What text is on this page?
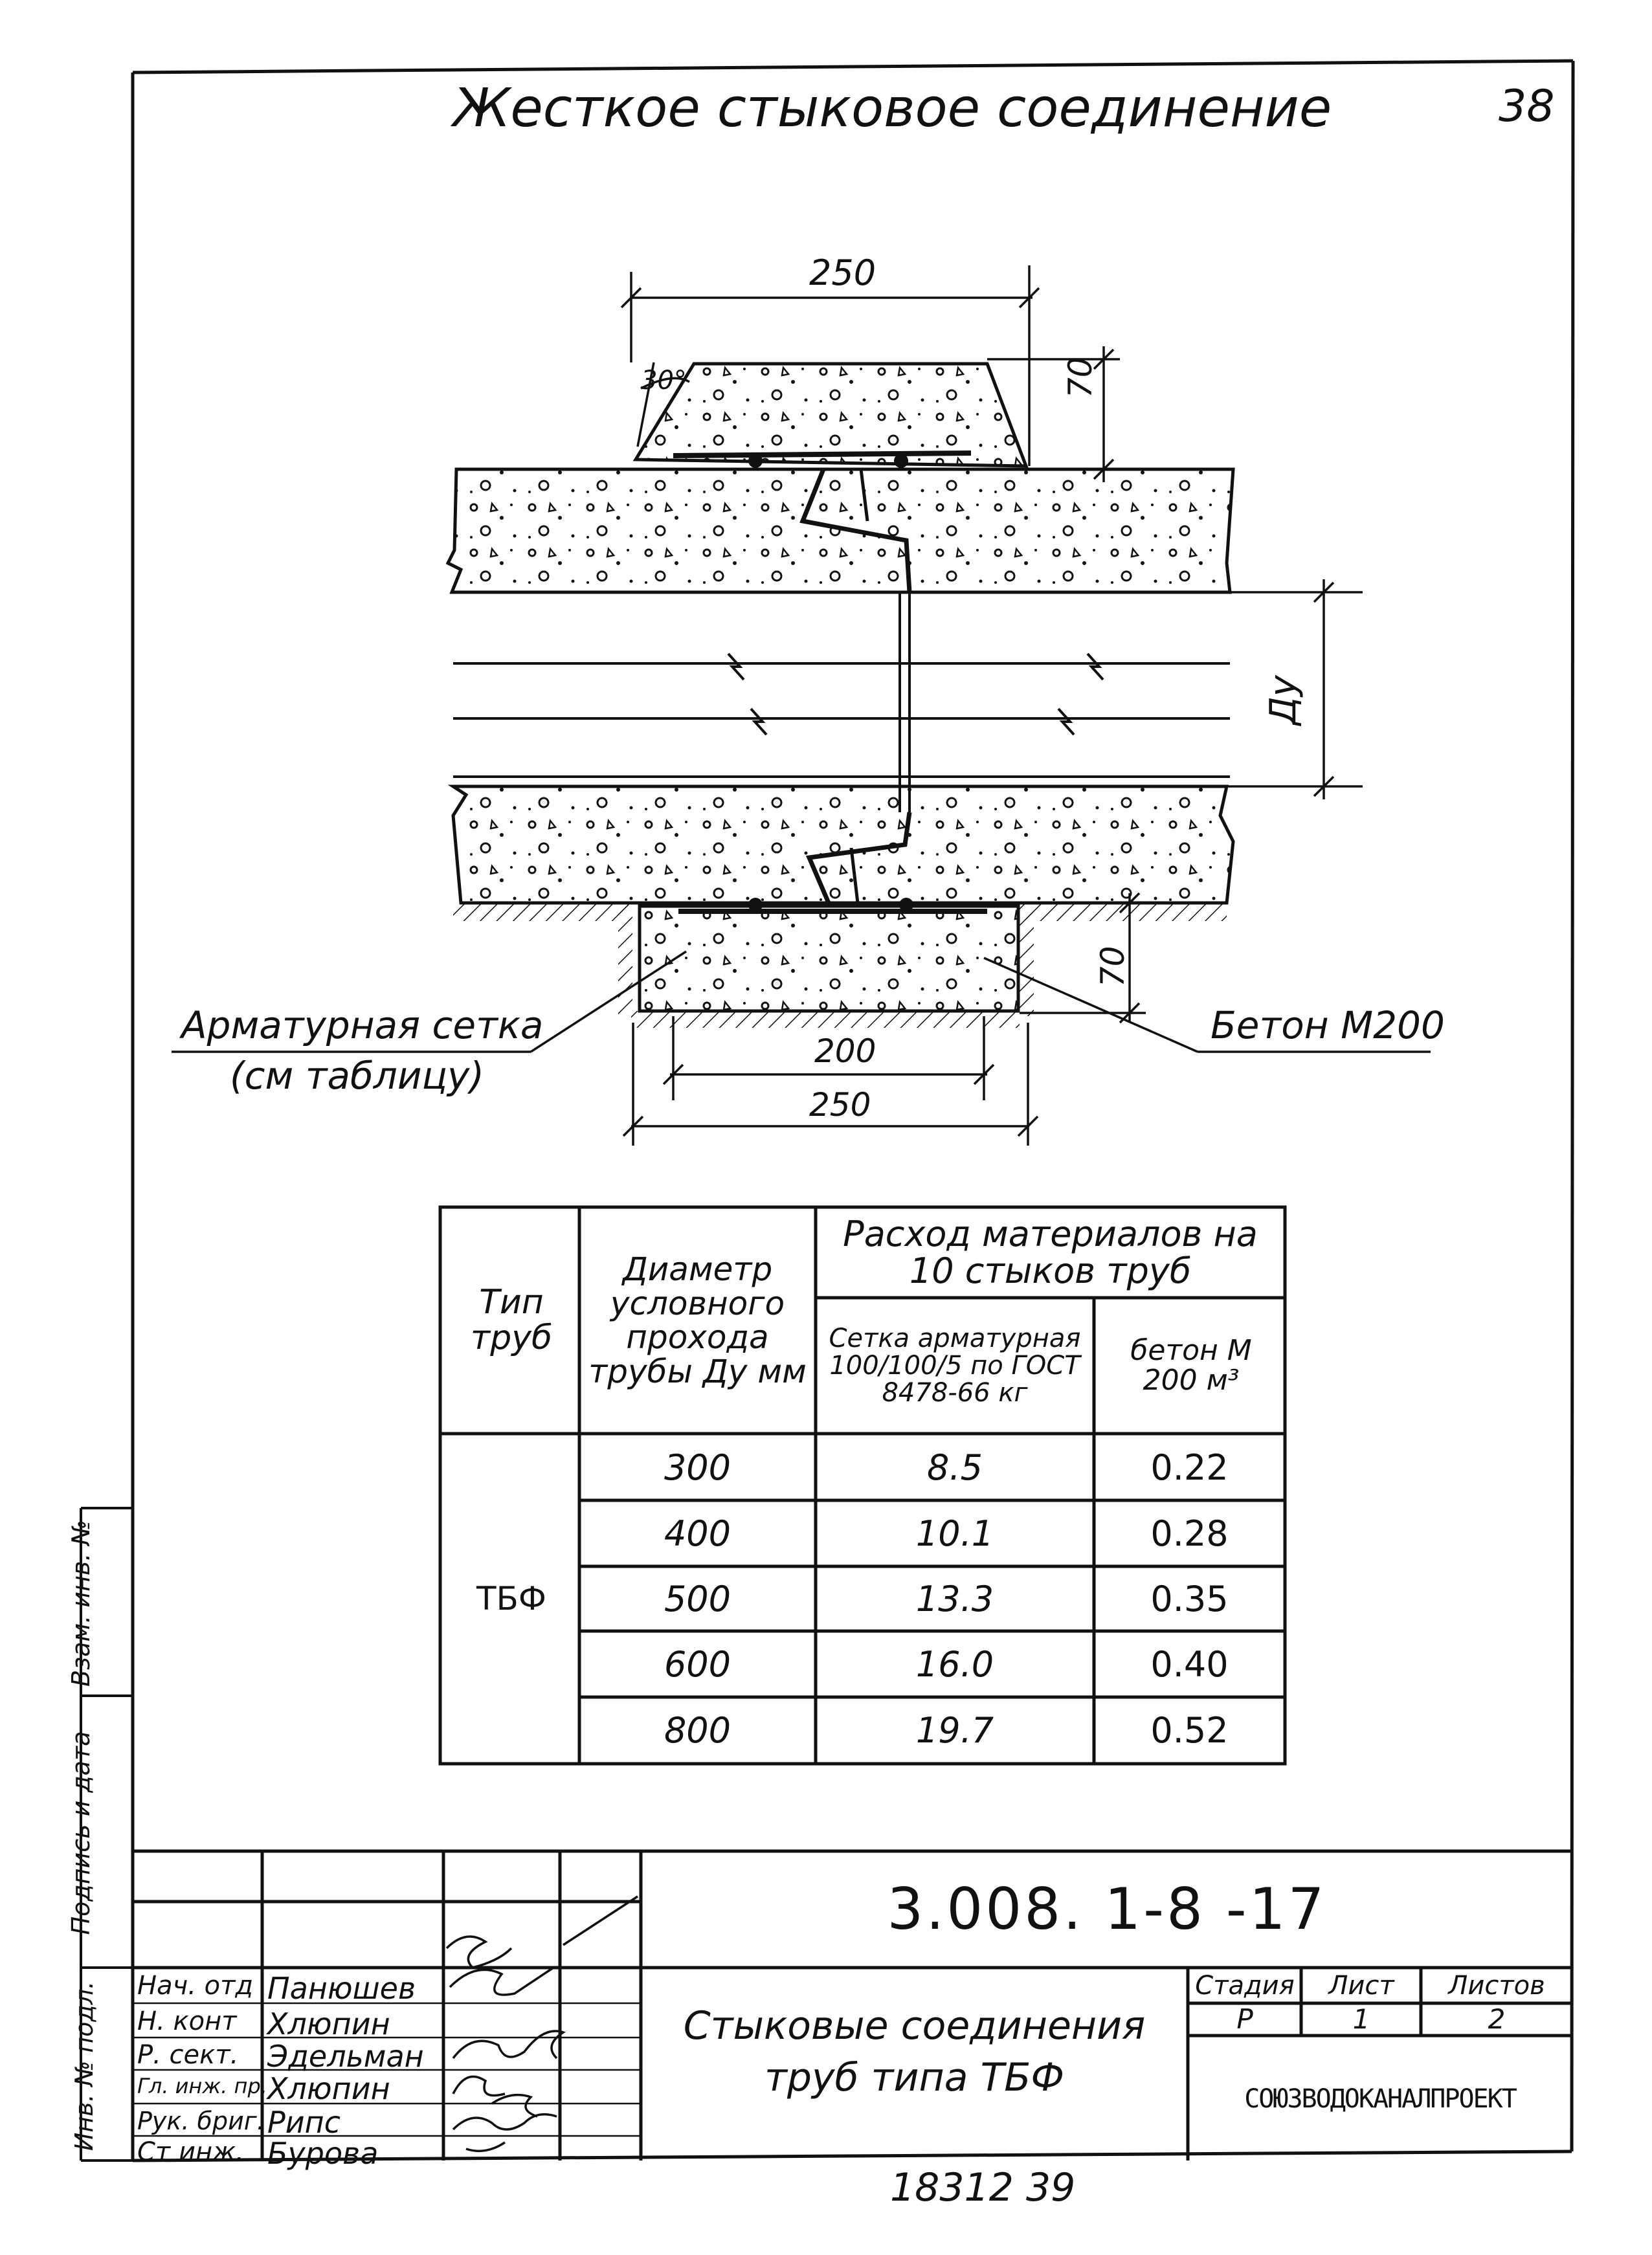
Жесткое стыковое соединение	38
250
30°	70
Ду
70
200
250
Арматурная сетка
(см таблицу)
Бетон М200
Тип труб
Диаметр условного прохода трубы Ду мм
Расход материалов на 10 стыков труб
Сетка арматурная 100/100/5 по ГОСТ 8478-66 кг
бетон М 200 м³
ТБФ
300	8.5	0.22
400	10.1	0.28
500	13.3	0.35
600	16.0	0.40
800	19.7	0.52
3.008. 1-8 -17
Стыковые соединения
труб типа ТБФ
Стадия	Лист	Листов
Р	1	2
СОЮЗВОДОКАНАЛПРОЕКТ
Нач. отд Панюшев
Н. конт Хлюпин
Р. сект. Эдельман
Гл. инж. пр. Хлюпин
Рук. бриг. Рипс
Ст инж. Бурова
18312 39
Взам. инв. №
Подпись и дата
Инв. № подл.
